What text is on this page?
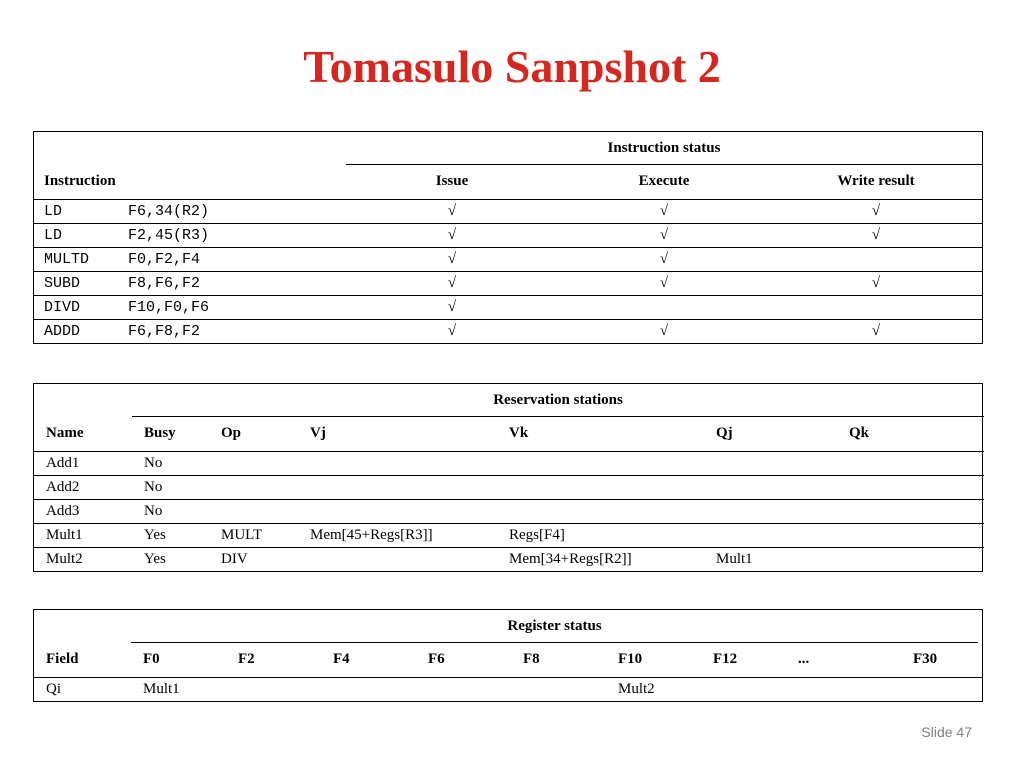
Tomasulo Sanpshot 2
	Instruction status		
Instruction	Issue	Execute	Write result
LD F6,34(R2)	√	√	√
LD F2,45(R3)	√	√	√
MULTD F0,F2,F4	√	√	
SUBD F8,F6,F2	√	√	√
DIVD F10,F0,F6	√		
ADDD F6,F8,F2	√	√	√
	Reservation stations					
Name	Busy	Op	Vj	Vk	Qj	Qk
Add1	No					
Add2	No					
Add3	No					
Mult1	Yes	MULT	Mem[45+Regs[R3]]	Regs[F4]		
Mult2	Yes	DIV		Mem[34+Regs[R2]]	Mult1	
	Register status									
Field	F0	F2	F4	F6	F8	F10	F12	...	F30	
Qi	Mult1					Mult2				
Slide 47
